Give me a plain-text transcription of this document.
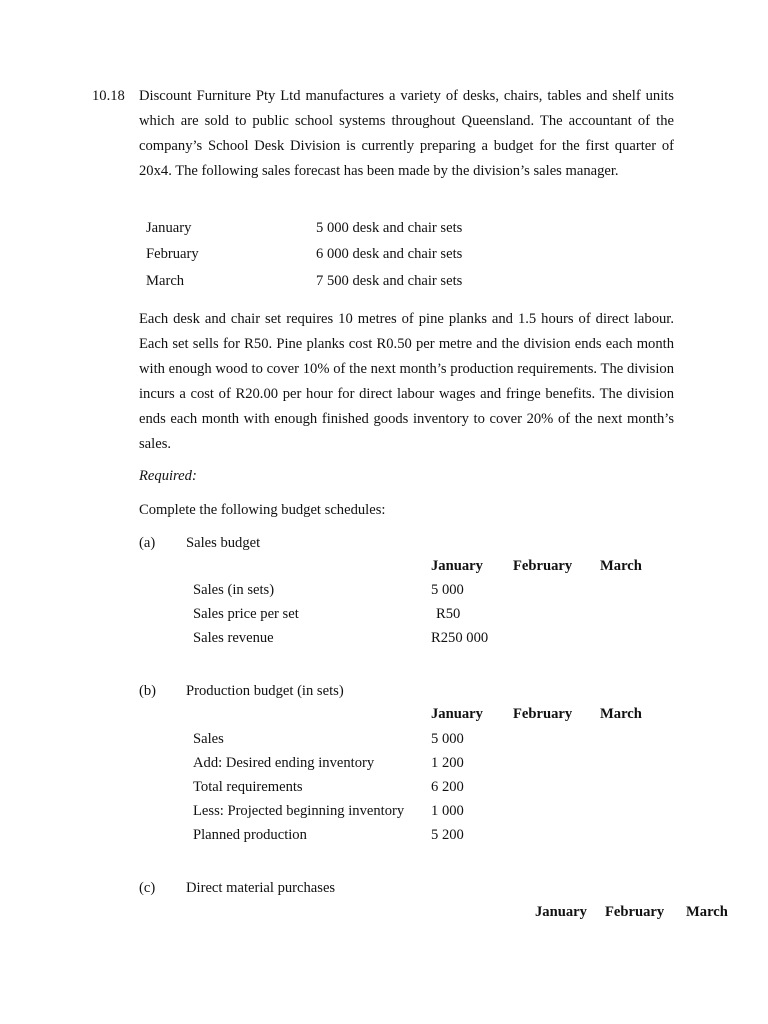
10.18 Discount Furniture Pty Ltd manufactures a variety of desks, chairs, tables and shelf units which are sold to public school systems throughout Queensland. The accountant of the company’s School Desk Division is currently preparing a budget for the first quarter of 20x4. The following sales forecast has been made by the division’s sales manager.

January	5 000 desk and chair sets
February	6 000 desk and chair sets
March	7 500 desk and chair sets

Each desk and chair set requires 10 metres of pine planks and 1.5 hours of direct labour. Each set sells for R50. Pine planks cost R0.50 per metre and the division ends each month with enough wood to cover 10% of the next month’s production requirements. The division incurs a cost of R20.00 per hour for direct labour wages and fringe benefits. The division ends each month with enough finished goods inventory to cover 20% of the next month’s sales.

Required:
Complete the following budget schedules:
(a) Sales budget
January February March
Sales (in sets)	5 000
Sales price per set	R50
Sales revenue	R250 000
(b) Production budget (in sets)
January February March
Sales	5 000
Add: Desired ending inventory	1 200
Total requirements	6 200
Less: Projected beginning inventory 1 000
Planned production	5 200
(c) Direct material purchases
January February March
